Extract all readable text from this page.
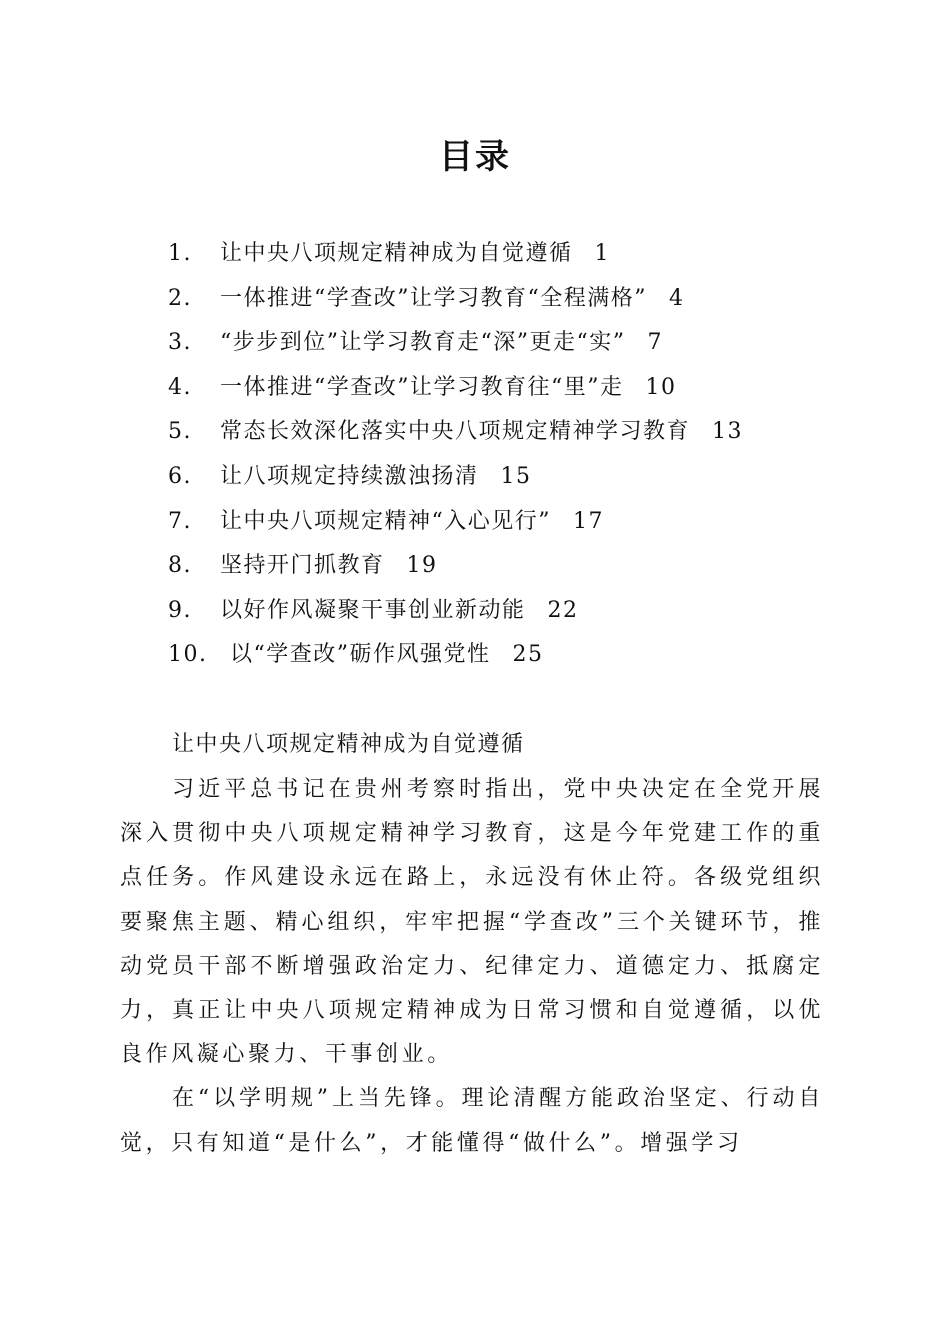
目录
1. 让中央八项规定精神成为自觉遵循 1
2. 一体推进“学查改”让学习教育“全程满格” 4
3. “步步到位”让学习教育走“深”更走“实” 7
4. 一体推进“学查改”让学习教育往“里”走 10
5. 常态长效深化落实中央八项规定精神学习教育 13
6. 让八项规定持续激浊扬清 15
7. 让中央八项规定精神“入心见行” 17
8. 坚持开门抓教育 19
9. 以好作风凝聚干事创业新动能 22
10. 以“学查改”砺作风强党性 25
让中央八项规定精神成为自觉遵循

习近平总书记在贵州考察时指出，党中央决定在全党开展深入贯彻中央八项规定精神学习教育，这是今年党建工作的重点任务。作风建设永远在路上，永远没有休止符。各级党组织要聚焦主题、精心组织，牢牢把握“学查改”三个关键环节，推动党员干部不断增强政治定力、纪律定力、道德定力、抵腐定力，真正让中央八项规定精神成为日常习惯和自觉遵循，以优良作风凝心聚力、干事创业。

在“以学明规”上当先锋。理论清醒方能政治坚定、行动自觉，只有知道“是什么”，才能懂得“做什么”。增强学习
